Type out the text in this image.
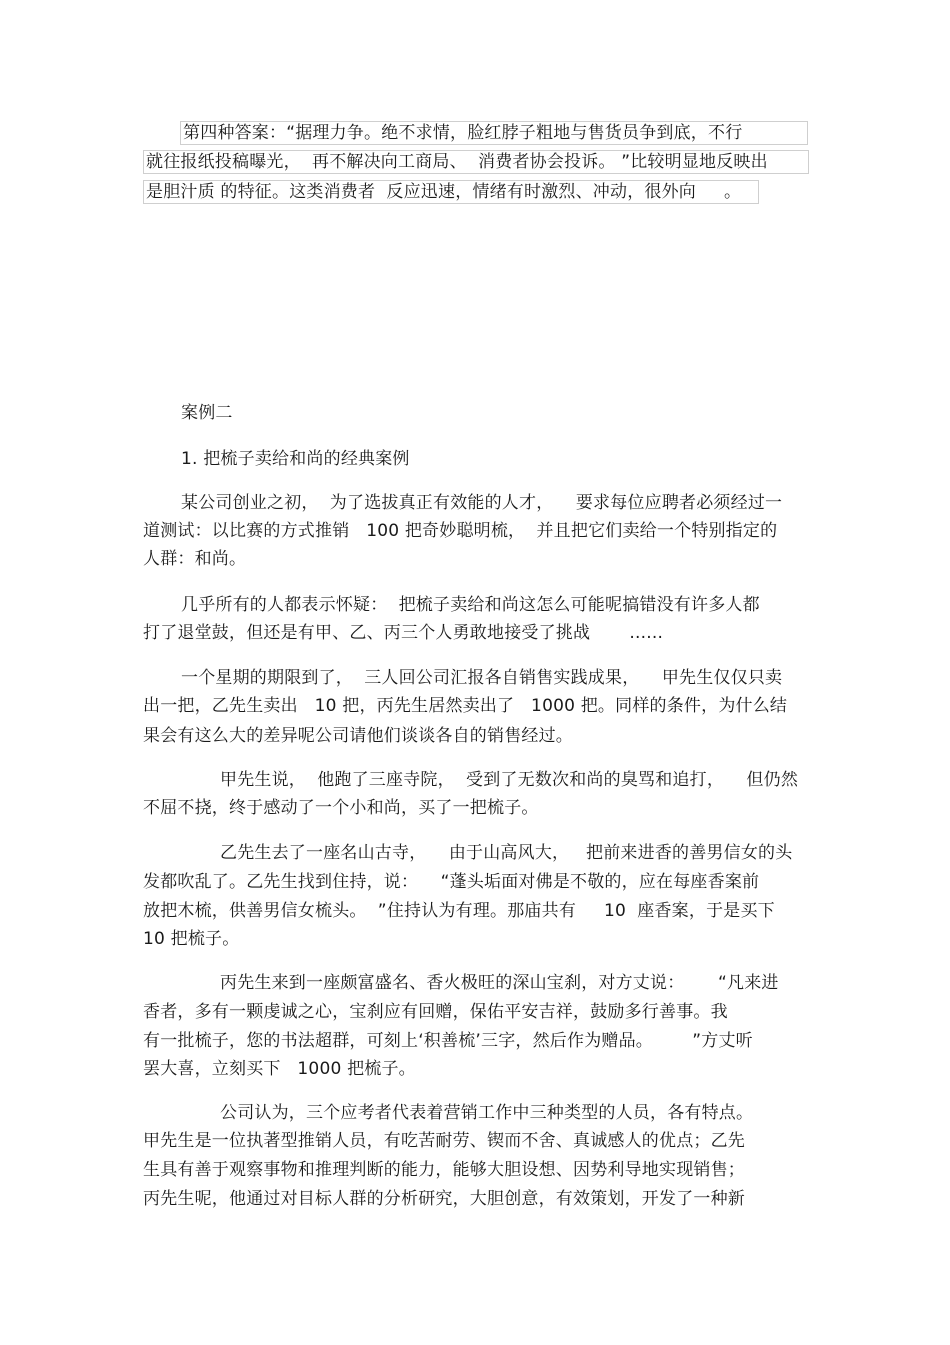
第四种答案：“据理力争。绝不求情，脸红脖子粗地与售货员争到底，不行
就往报纸投稿曝光，  再不解决向工商局、  消费者协会投诉。 ”比较明显地反映出
是胆汁质 的特征。这类消费者  反应迅速，情绪有时激烈、冲动，很外向     。
案例二
1. 把梳子卖给和尚的经典案例
某公司创业之初，  为了选拔真正有效能的人才，    要求每位应聘者必须经过一
道测试：以比赛的方式推销   100 把奇妙聪明梳，  并且把它们卖给一个特别指定的
人群：和尚。
几乎所有的人都表示怀疑：  把梳子卖给和尚这怎么可能呢搞错没有许多人都
打了退堂鼓，但还是有甲、乙、丙三个人勇敢地接受了挑战       ......
一个星期的期限到了，  三人回公司汇报各自销售实践成果，    甲先生仅仅只卖
出一把，乙先生卖出   10 把，丙先生居然卖出了   1000 把。同样的条件，为什么结
果会有这么大的差异呢公司请他们谈谈各自的销售经过。
甲先生说，  他跑了三座寺院，  受到了无数次和尚的臭骂和追打，    但仍然
不屈不挠，终于感动了一个小和尚，买了一把梳子。
乙先生去了一座名山古寺，    由于山高风大，   把前来进香的善男信女的头
发都吹乱了。乙先生找到住持，说：    “蓬头垢面对佛是不敬的，应在每座香案前
放把木梳，供善男信女梳头。  ”住持认为有理。那庙共有     10  座香案，于是买下
10 把梳子。
丙先生来到一座颇富盛名、香火极旺的深山宝刹，对方丈说：      “凡来进
香者，多有一颗虔诚之心，宝刹应有回赠，保佑平安吉祥，鼓励多行善事。我
有一批梳子，您的书法超群，可刻上‘积善梳’三字，然后作为赠品。       ”方丈听
罢大喜，立刻买下   1000 把梳子。
公司认为，三个应考者代表着营销工作中三种类型的人员，各有特点。
甲先生是一位执著型推销人员，有吃苦耐劳、锲而不舍、真诚感人的优点；乙先
生具有善于观察事物和推理判断的能力，能够大胆设想、因势利导地实现销售；
丙先生呢，他通过对目标人群的分析研究，大胆创意，有效策划，开发了一种新
